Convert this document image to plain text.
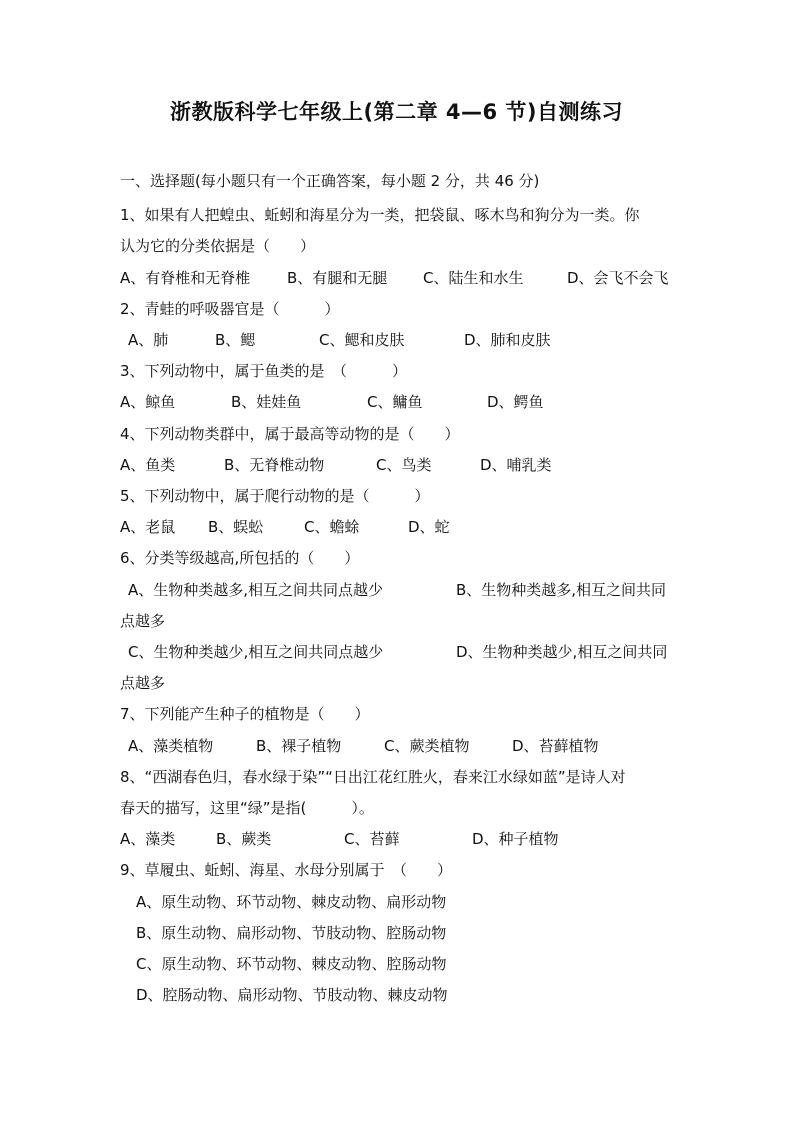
浙教版科学七年级上(第二章 4—6 节)自测练习
一、选择题(每小题只有一个正确答案，每小题 2 分，共 46 分)
1、如果有人把蝗虫、蚯蚓和海星分为一类，把袋鼠、啄木鸟和狗分为一类。你
认为它的分类依据是（　　）
A、有脊椎和无脊椎 B、有腿和无腿 C、陆生和水生	D、会飞不会飞
2、青蛙的呼吸器官是（　　　）
A、肺	B、鳃	C、鳃和皮肤	D、肺和皮肤
3、下列动物中，属于鱼类的是　（　　　）
A、鲸鱼	B、娃娃鱼	C、鳙鱼	D、鳄鱼
4、下列动物类群中，属于最高等动物的是（　　）
A、鱼类	B、无脊椎动物	C、鸟类	D、哺乳类
5、下列动物中，属于爬行动物的是（　　　）
A、老鼠 B、蜈蚣	C、蟾蜍	D、蛇
6、分类等级越高,所包括的（　　）
A、生物种类越多,相互之间共同点越少	B、生物种类越多,相互之间共同
点越多
C、生物种类越少,相互之间共同点越少	D、生物种类越少,相互之间共同
点越多
7、下列能产生种子的植物是（　　）
A、藻类植物	B、裸子植物	C、蕨类植物	D、苔藓植物
8、“西湖春色归，春水绿于染”“日出江花红胜火，春来江水绿如蓝”是诗人对
春天的描写，这里“绿”是指(　　　）。
A、藻类	B、蕨类	C、苔藓	D、种子植物
9、草履虫、蚯蚓、海星、水母分别属于　（　　）
A、原生动物、环节动物、棘皮动物、扁形动物
B、原生动物、扁形动物、节肢动物、腔肠动物
C、原生动物、环节动物、棘皮动物、腔肠动物
D、腔肠动物、扁形动物、节肢动物、棘皮动物
